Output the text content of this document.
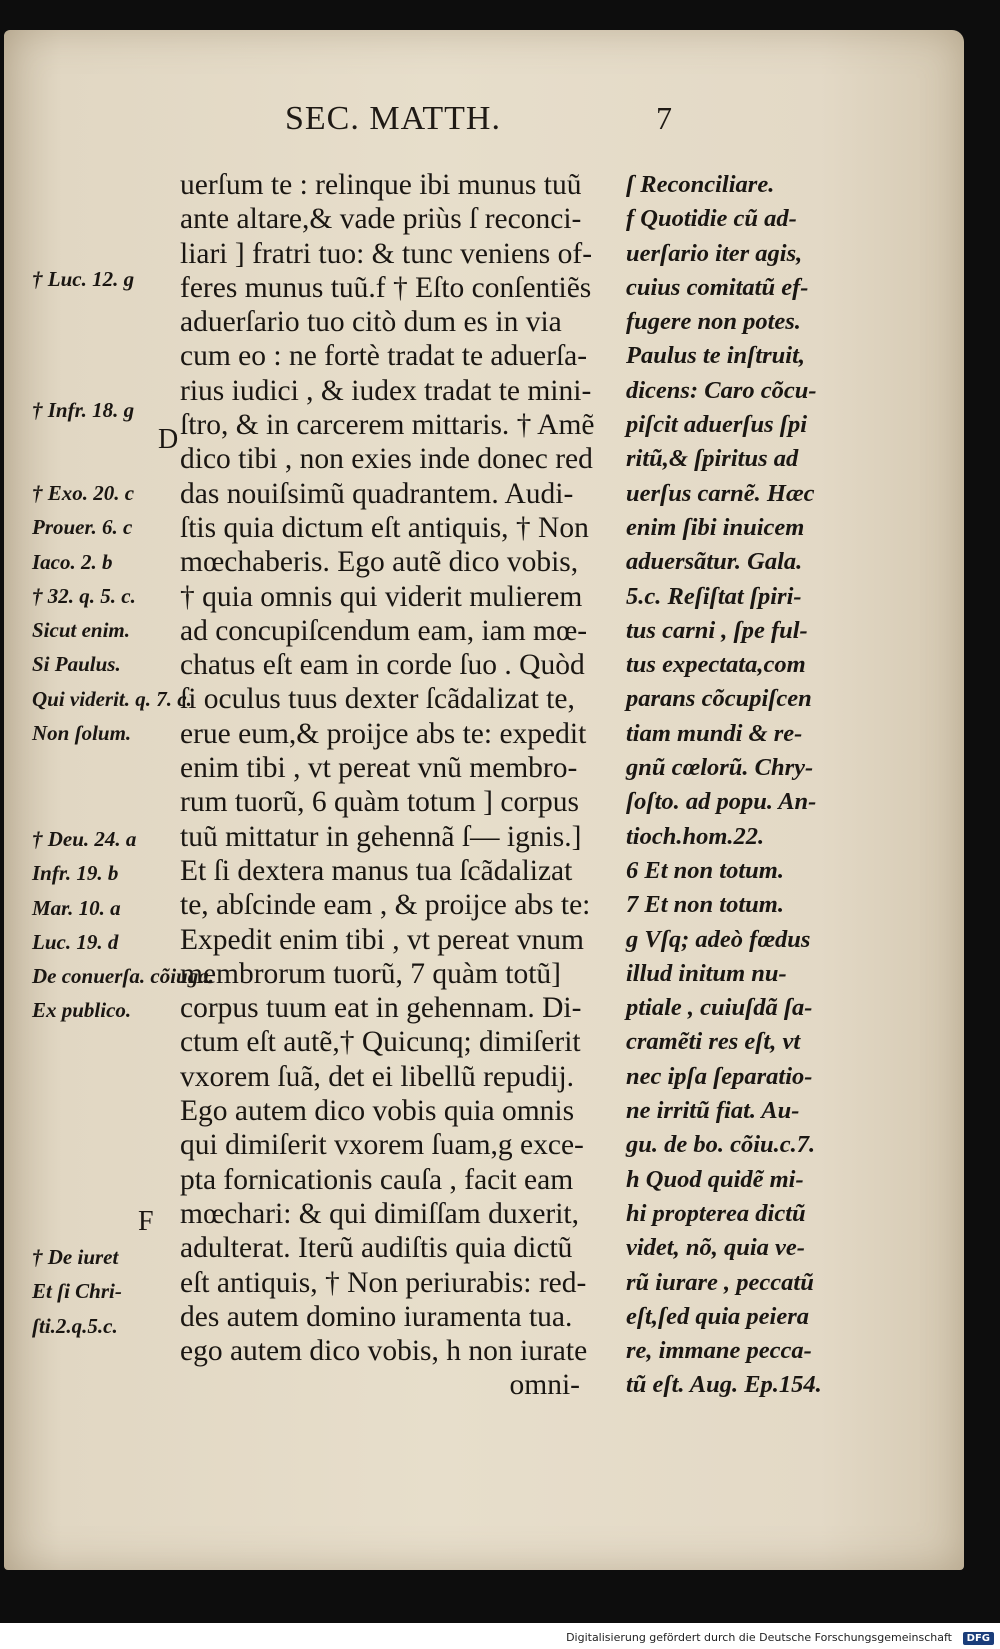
SEC. MATTH.	7
uerſum te : relinque ibi munus tuũ
ante altare,& vade priùs ſ reconci-
liari ] fratri tuo: & tunc veniens of-
feres munus tuũ.f † Eſto conſentiẽs
aduerſario tuo citò dum es in via
cum eo : ne fortè tradat te aduerſa-
rius iudici , & iudex tradat te mini-
ſtro, & in carcerem mittaris. † Amẽ
dico tibi , non exies inde donec red
das nouiſsimũ quadrantem. Audi-
ſtis quia dictum eſt antiquis, † Non
mœchaberis. Ego autẽ dico vobis,
† quia omnis qui viderit mulierem
ad concupiſcendum eam, iam mœ-
chatus eſt eam in corde ſuo . Quòd
ſi oculus tuus dexter ſcãdalizat te,
erue eum,& proijce abs te: expedit
enim tibi , vt pereat vnũ membro-
rum tuorũ, 6 quàm totum ] corpus
tuũ mittatur in gehennã ſ— ignis.]
Et ſi dextera manus tua ſcãdalizat
te, abſcinde eam , & proijce abs te:
Expedit enim tibi , vt pereat vnum
membrorum tuorũ, 7 quàm totũ]
corpus tuum eat in gehennam. Di-
ctum eſt autẽ,† Quicunq; dimiſerit
vxorem ſuã, det ei libellũ repudij.
Ego autem dico vobis quia omnis
qui dimiſerit vxorem ſuam,g exce-
pta fornicationis cauſa , facit eam
mœchari: & qui dimiſſam duxerit,
adulterat. Iterũ audiſtis quia dictũ
eſt antiquis, † Non periurabis: red-
des autem domino iuramenta tua.
ego autem dico vobis, h non iurate
omni-
ſ Reconciliare.
f Quotidie cũ ad-
uerſario iter agis,
cuius comitatũ ef-
fugere non potes.
Paulus te inſtruit,
dicens: Caro cõcu-
piſcit aduerſus ſpi
ritũ,& ſpiritus ad
uerſus carnẽ. Hæc
enim ſibi inuicem
aduersãtur. Gala.
5.c. Reſiſtat ſpiri-
tus carni , ſpe ful-
tus expectata,com
parans cõcupiſcen
tiam mundi & re-
gnũ cœlorũ. Chry-
ſoſto. ad popu. An-
tioch.hom.22.
6 Et non totum.
7 Et non totum.
g Vſq; adeò fœdus
illud initum nu-
ptiale , cuiuſdã ſa-
cramẽti res eſt, vt
nec ipſa ſeparatio-
ne irritũ fiat. Au-
gu. de bo. cõiu.c.7.
h Quod quidẽ mi-
hi propterea dictũ
videt, nõ, quia ve-
rũ iurare , peccatũ
eſt,ſed quia peiera
re, immane pecca-
tũ eſt. Aug. Ep.154.
† Luc. 12. g
† Infr. 18. g
D
† Exo. 20. c
Prouer. 6. c
Iaco. 2. b
† 32. q. 5. c.
Sicut enim.
Si Paulus.
Qui viderit. q. 7. c.
Non ſolum.
† Deu. 24. a
Infr. 19. b
Mar. 10. a
Luc. 19. d
De conuerſa. cõiuga.
Ex publico.
F
† De iuret
Et ſi Chri-
ſti.2.q.5.c.
Digitalisierung gefördert durch die Deutsche Forschungsgemeinschaft	DFG
